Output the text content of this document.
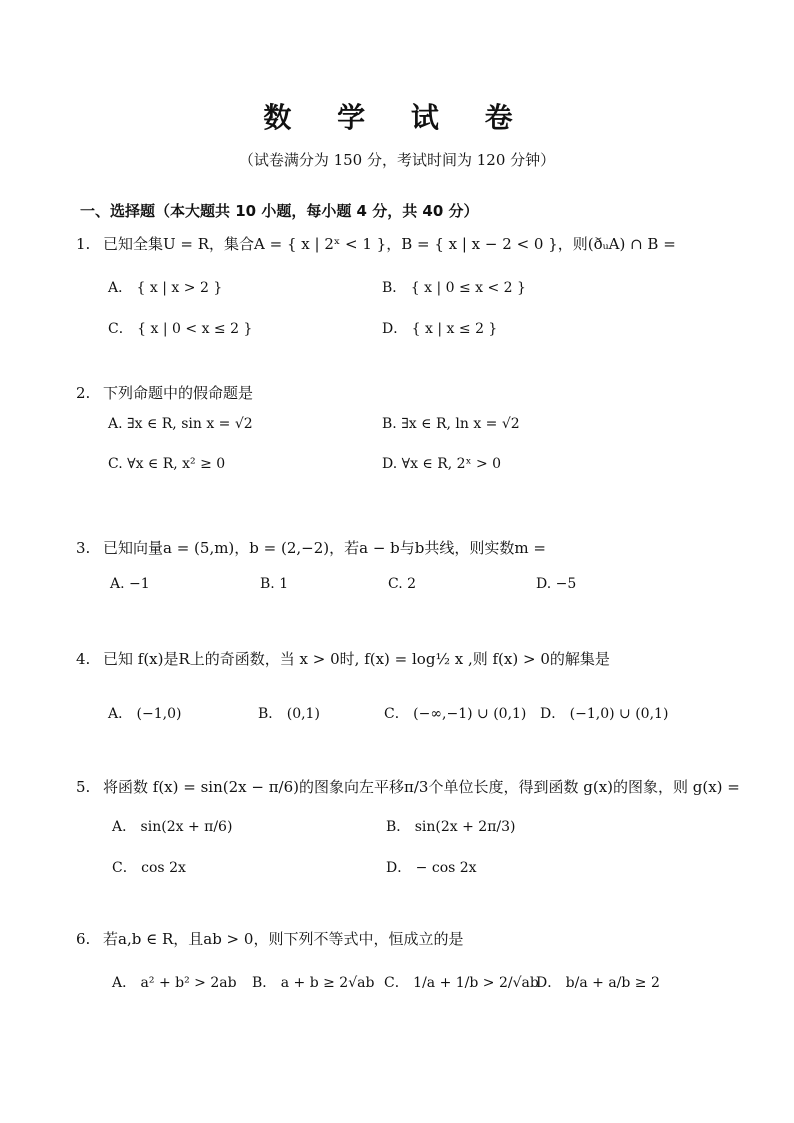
数 学 试 卷
（试卷满分为 150 分，考试时间为 120 分钟）
一、选择题（本大题共 10 小题，每小题 4 分，共 40 分）
1. 已知全集U = R，集合A = { x | 2ˣ < 1 }，B = { x | x − 2 < 0 }，则(ðᵤA) ∩ B =
A． { x | x > 2 }	B． { x | 0 ≤ x < 2 }
C． { x | 0 < x ≤ 2 }	D． { x | x ≤ 2 }
2. 下列命题中的假命题是
A. ∃x ∈ R, sin x = √2	B. ∃x ∈ R, ln x = √2
C. ∀x ∈ R, x² ≥ 0	D. ∀x ∈ R, 2ˣ > 0
3. 已知向量a = (5,m)，b = (2,−2)，若a − b与b共线，则实数m =
A. −1	B. 1	C. 2	D. −5
4. 已知 f(x)是R上的奇函数，当 x > 0时, f(x) = log½ x ,则 f(x) > 0的解集是
A． (−1,0)	B． (0,1)	C． (−∞,−1) ∪ (0,1) D． (−1,0) ∪ (0,1)
5. 将函数 f(x) = sin(2x − π/6)的图象向左平移π/3个单位长度，得到函数 g(x)的图象，则 g(x) =
A． sin(2x + π/6)	B． sin(2x + 2π/3)
C． cos 2x	D． − cos 2x
6. 若a,b ∈ R，且ab > 0，则下列不等式中，恒成立的是
A． a² + b² > 2ab B． a + b ≥ 2√ab C． 1/a + 1/b > 2/√ab
D． b/a + a/b ≥ 2
